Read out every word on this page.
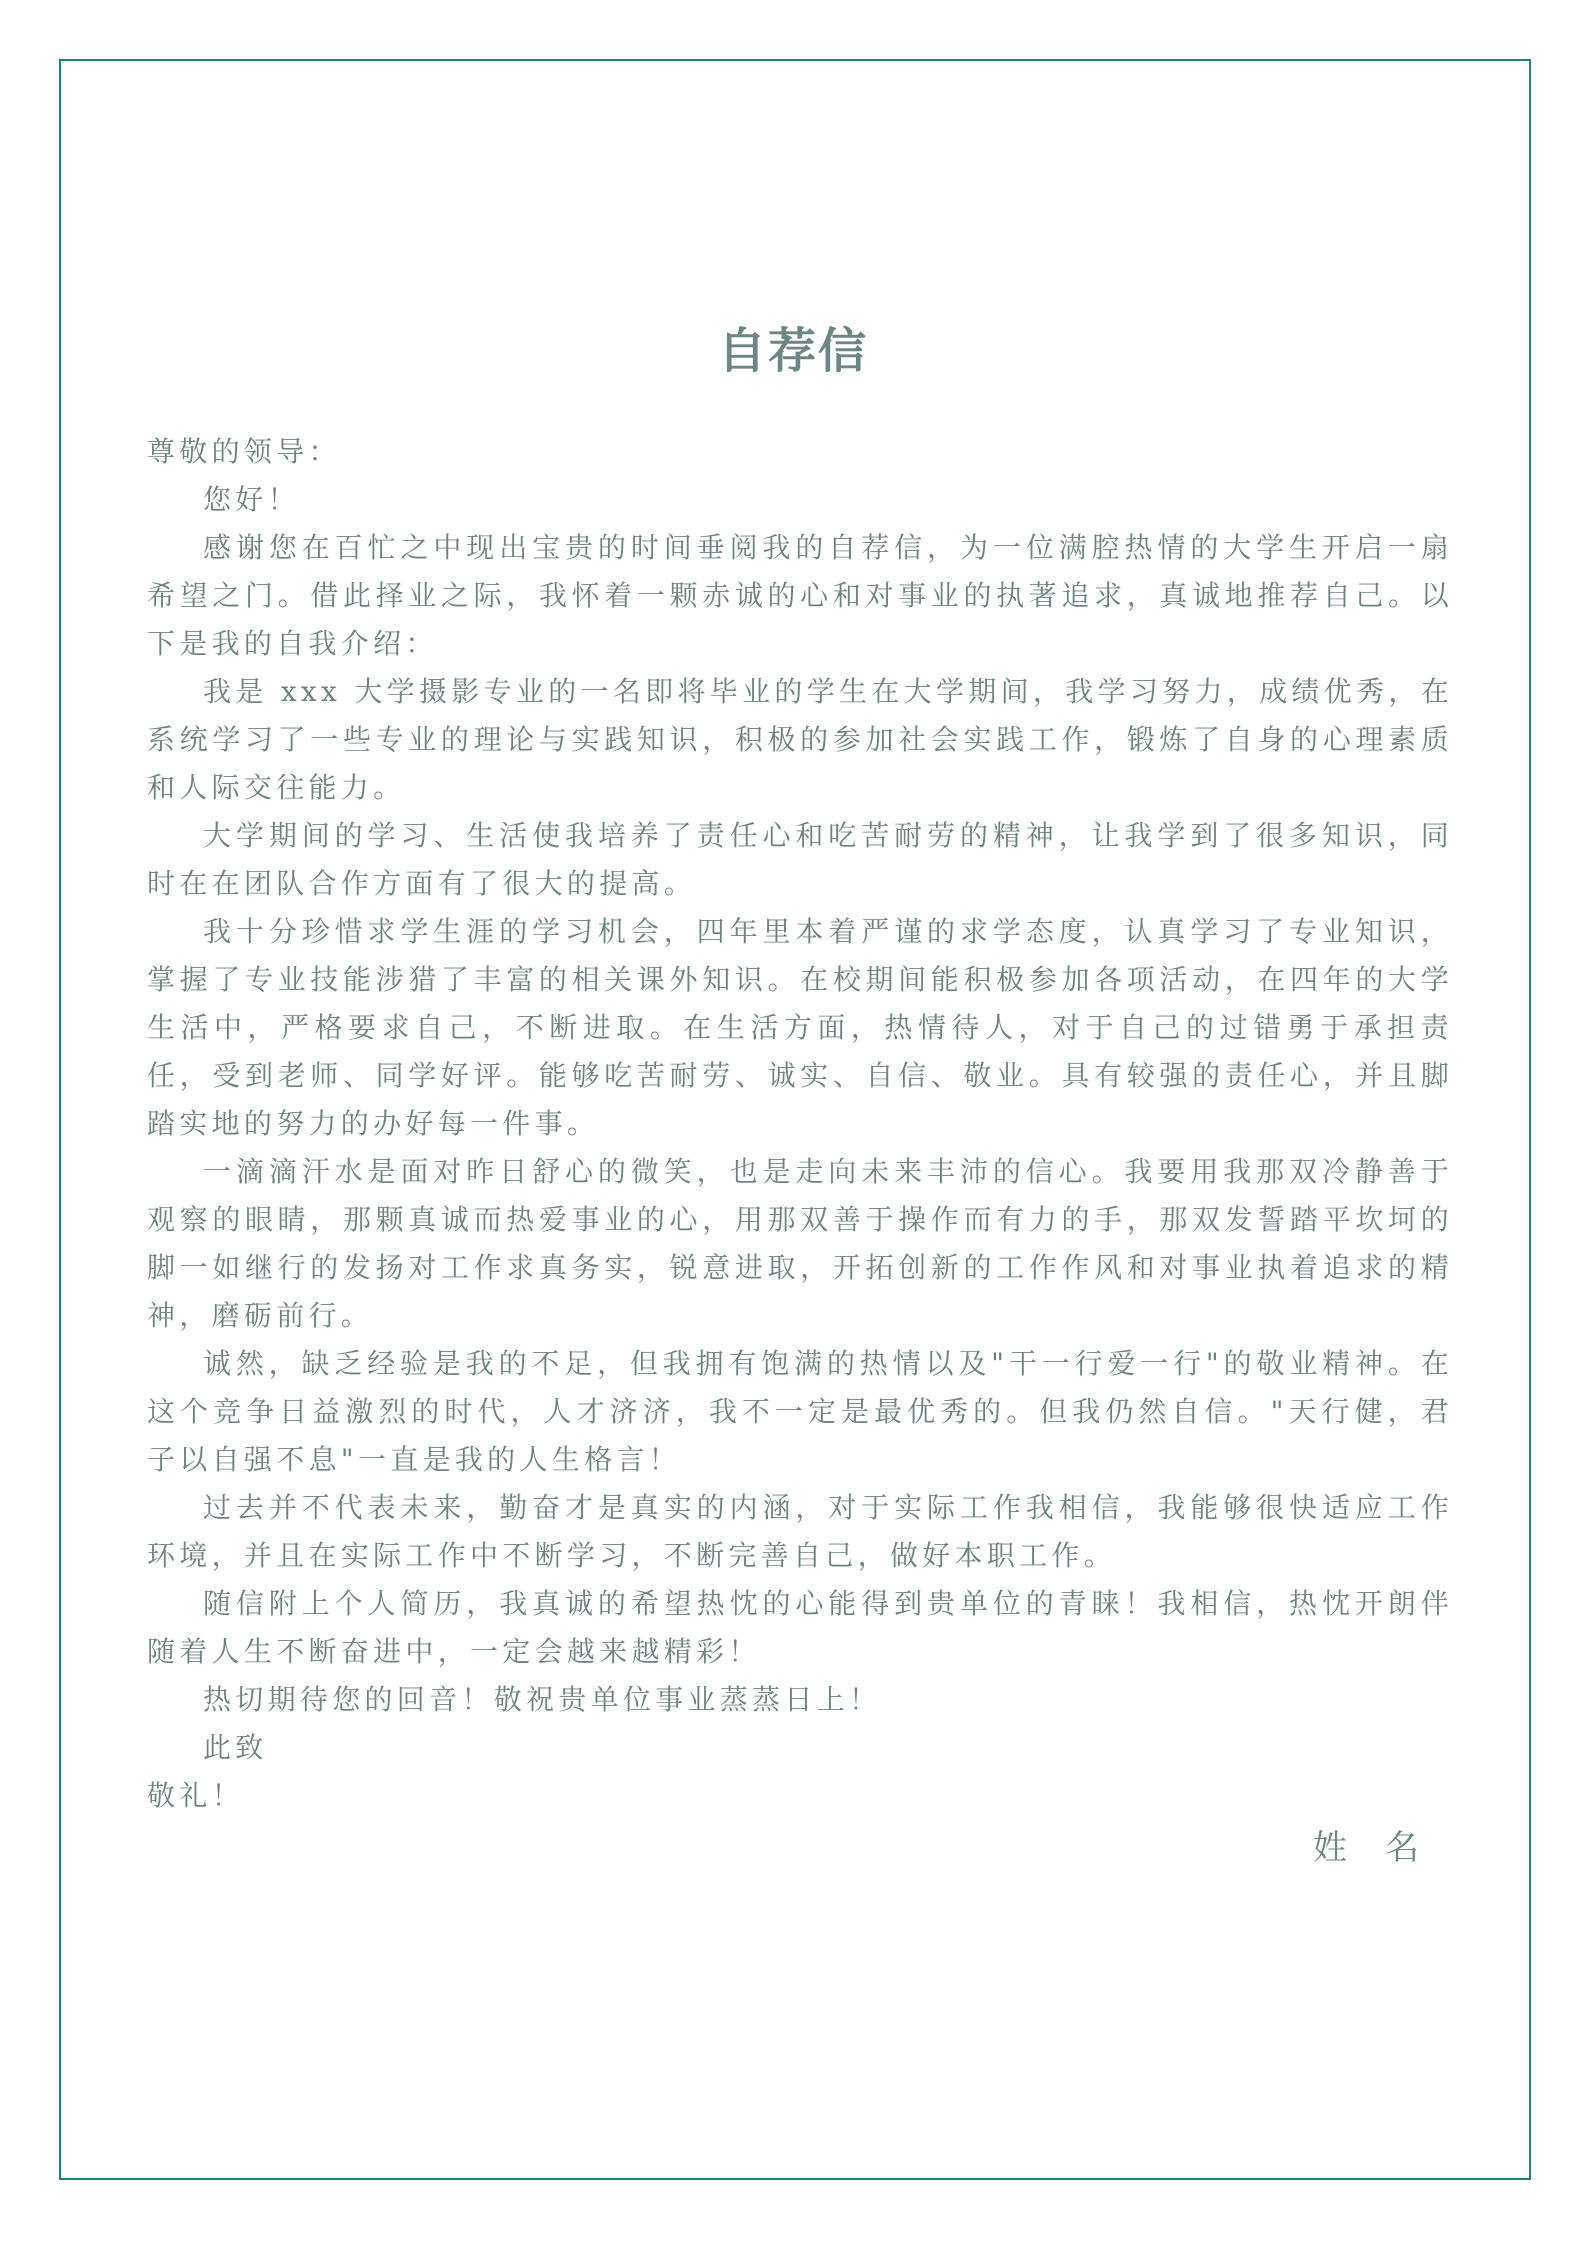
自荐信

尊敬的领导：

您好！

感谢您在百忙之中现出宝贵的时间垂阅我的自荐信，为一位满腔热情的大学生开启一扇希望之门。借此择业之际，我怀着一颗赤诚的心和对事业的执著追求，真诚地推荐自己。以下是我的自我介绍：

我是 xxx 大学摄影专业的一名即将毕业的学生在大学期间，我学习努力，成绩优秀，在系统学习了一些专业的理论与实践知识，积极的参加社会实践工作，锻炼了自身的心理素质和人际交往能力。

大学期间的学习、生活使我培养了责任心和吃苦耐劳的精神，让我学到了很多知识，同时在在团队合作方面有了很大的提高。

我十分珍惜求学生涯的学习机会，四年里本着严谨的求学态度，认真学习了专业知识，掌握了专业技能涉猎了丰富的相关课外知识。在校期间能积极参加各项活动，在四年的大学生活中，严格要求自己，不断进取。在生活方面，热情待人，对于自己的过错勇于承担责任，受到老师、同学好评。能够吃苦耐劳、诚实、自信、敬业。具有较强的责任心，并且脚踏实地的努力的办好每一件事。

一滴滴汗水是面对昨日舒心的微笑，也是走向未来丰沛的信心。我要用我那双冷静善于观察的眼睛，那颗真诚而热爱事业的心，用那双善于操作而有力的手，那双发誓踏平坎坷的脚一如继行的发扬对工作求真务实，锐意进取，开拓创新的工作作风和对事业执着追求的精神，磨砺前行。

诚然，缺乏经验是我的不足，但我拥有饱满的热情以及"干一行爱一行"的敬业精神。在这个竞争日益激烈的时代，人才济济，我不一定是最优秀的。但我仍然自信。"天行健，君子以自强不息"一直是我的人生格言！

过去并不代表未来，勤奋才是真实的内涵，对于实际工作我相信，我能够很快适应工作环境，并且在实际工作中不断学习，不断完善自己，做好本职工作。

随信附上个人简历，我真诚的希望热忱的心能得到贵单位的青睐！我相信，热忱开朗伴随着人生不断奋进中，一定会越来越精彩！

热切期待您的回音！敬祝贵单位事业蒸蒸日上！

此致

敬礼！

姓　名
